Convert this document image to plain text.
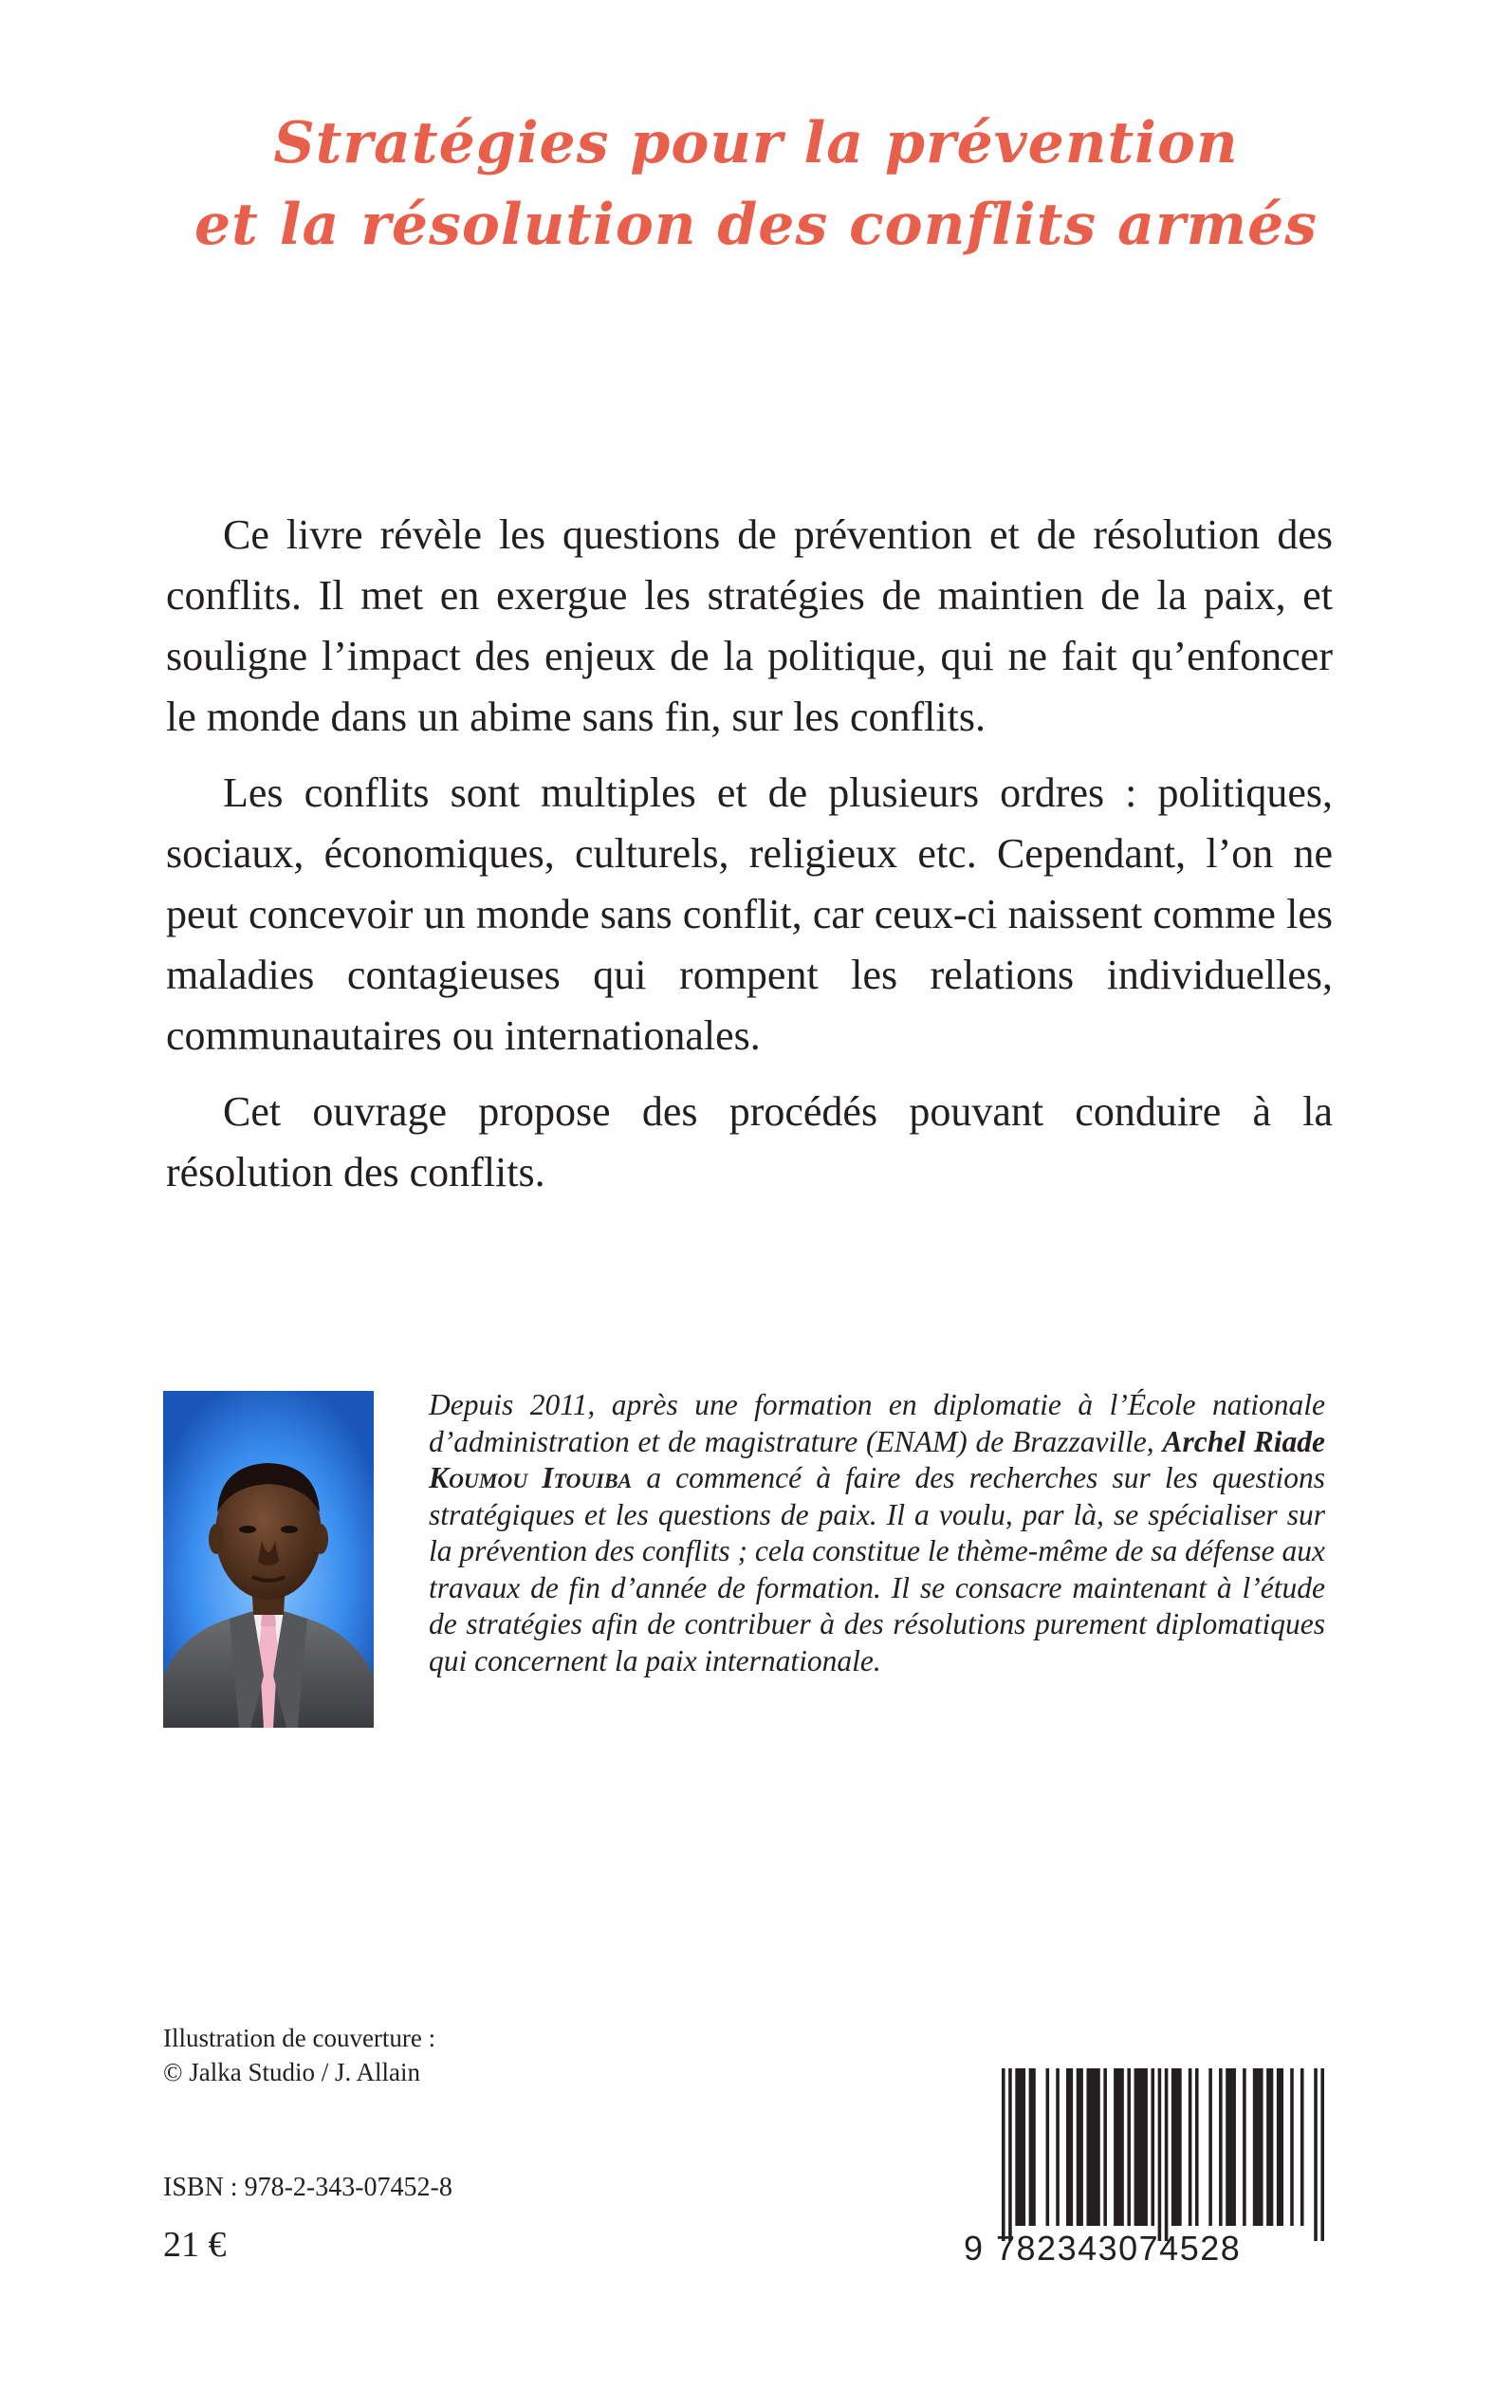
Stratégies pour la prévention
et la résolution des conflits armés

Ce livre révèle les questions de prévention et de résolution des conflits. Il met en exergue les stratégies de maintien de la paix, et souligne l’impact des enjeux de la politique, qui ne fait qu’enfoncer le monde dans un abime sans fin, sur les conflits.

Les conflits sont multiples et de plusieurs ordres : politiques, sociaux, économiques, culturels, religieux etc. Cependant, l’on ne peut concevoir un monde sans conflit, car ceux-ci naissent comme les maladies contagieuses qui rompent les relations individuelles, communautaires ou internationales.

Cet ouvrage propose des procédés pouvant conduire à la résolution des conflits.

Depuis 2011, après une formation en diplomatie à l’École nationale d’administration et de magistrature (ENAM) de Brazzaville, Archel Riade Koumou Itouiba a commencé à faire des recherches sur les questions stratégiques et les questions de paix. Il a voulu, par là, se spécialiser sur la prévention des conflits ; cela constitue le thème-même de sa défense aux travaux de fin d’année de formation. Il se consacre maintenant à l’étude de stratégies afin de contribuer à des résolutions purement diplomatiques qui concernent la paix internationale.
Illustration de couverture :
© Jalka Studio / J. Allain
ISBN : 978-2-343-07452-8
21 €	9 782343074528
